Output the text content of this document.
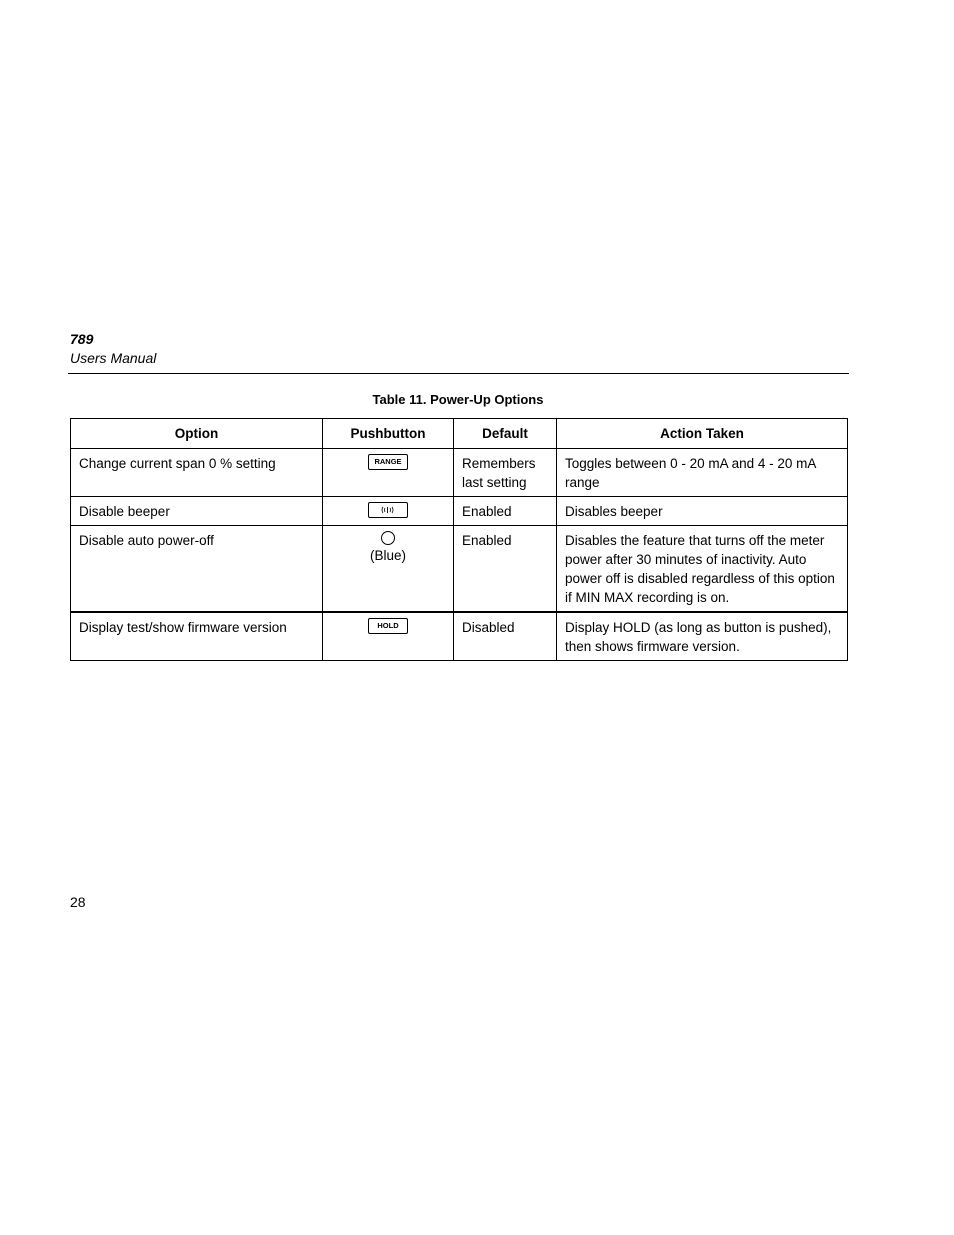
789
Users Manual
Table 11. Power-Up Options
Option	Pushbutton	Default	Action Taken
Change current span 0 % setting	RANGE	Remembers last setting	Toggles between 0 - 20 mA and 4 - 20 mA range
Disable beeper		Enabled	Disables beeper
Disable auto power-off	(Blue)	Enabled	Disables the feature that turns off the meter power after 30 minutes of inactivity. Auto power off is disabled regardless of this option if MIN MAX recording is on.
Display test/show firmware version	HOLD	Disabled	Display HOLD (as long as button is pushed), then shows firmware version.
28
